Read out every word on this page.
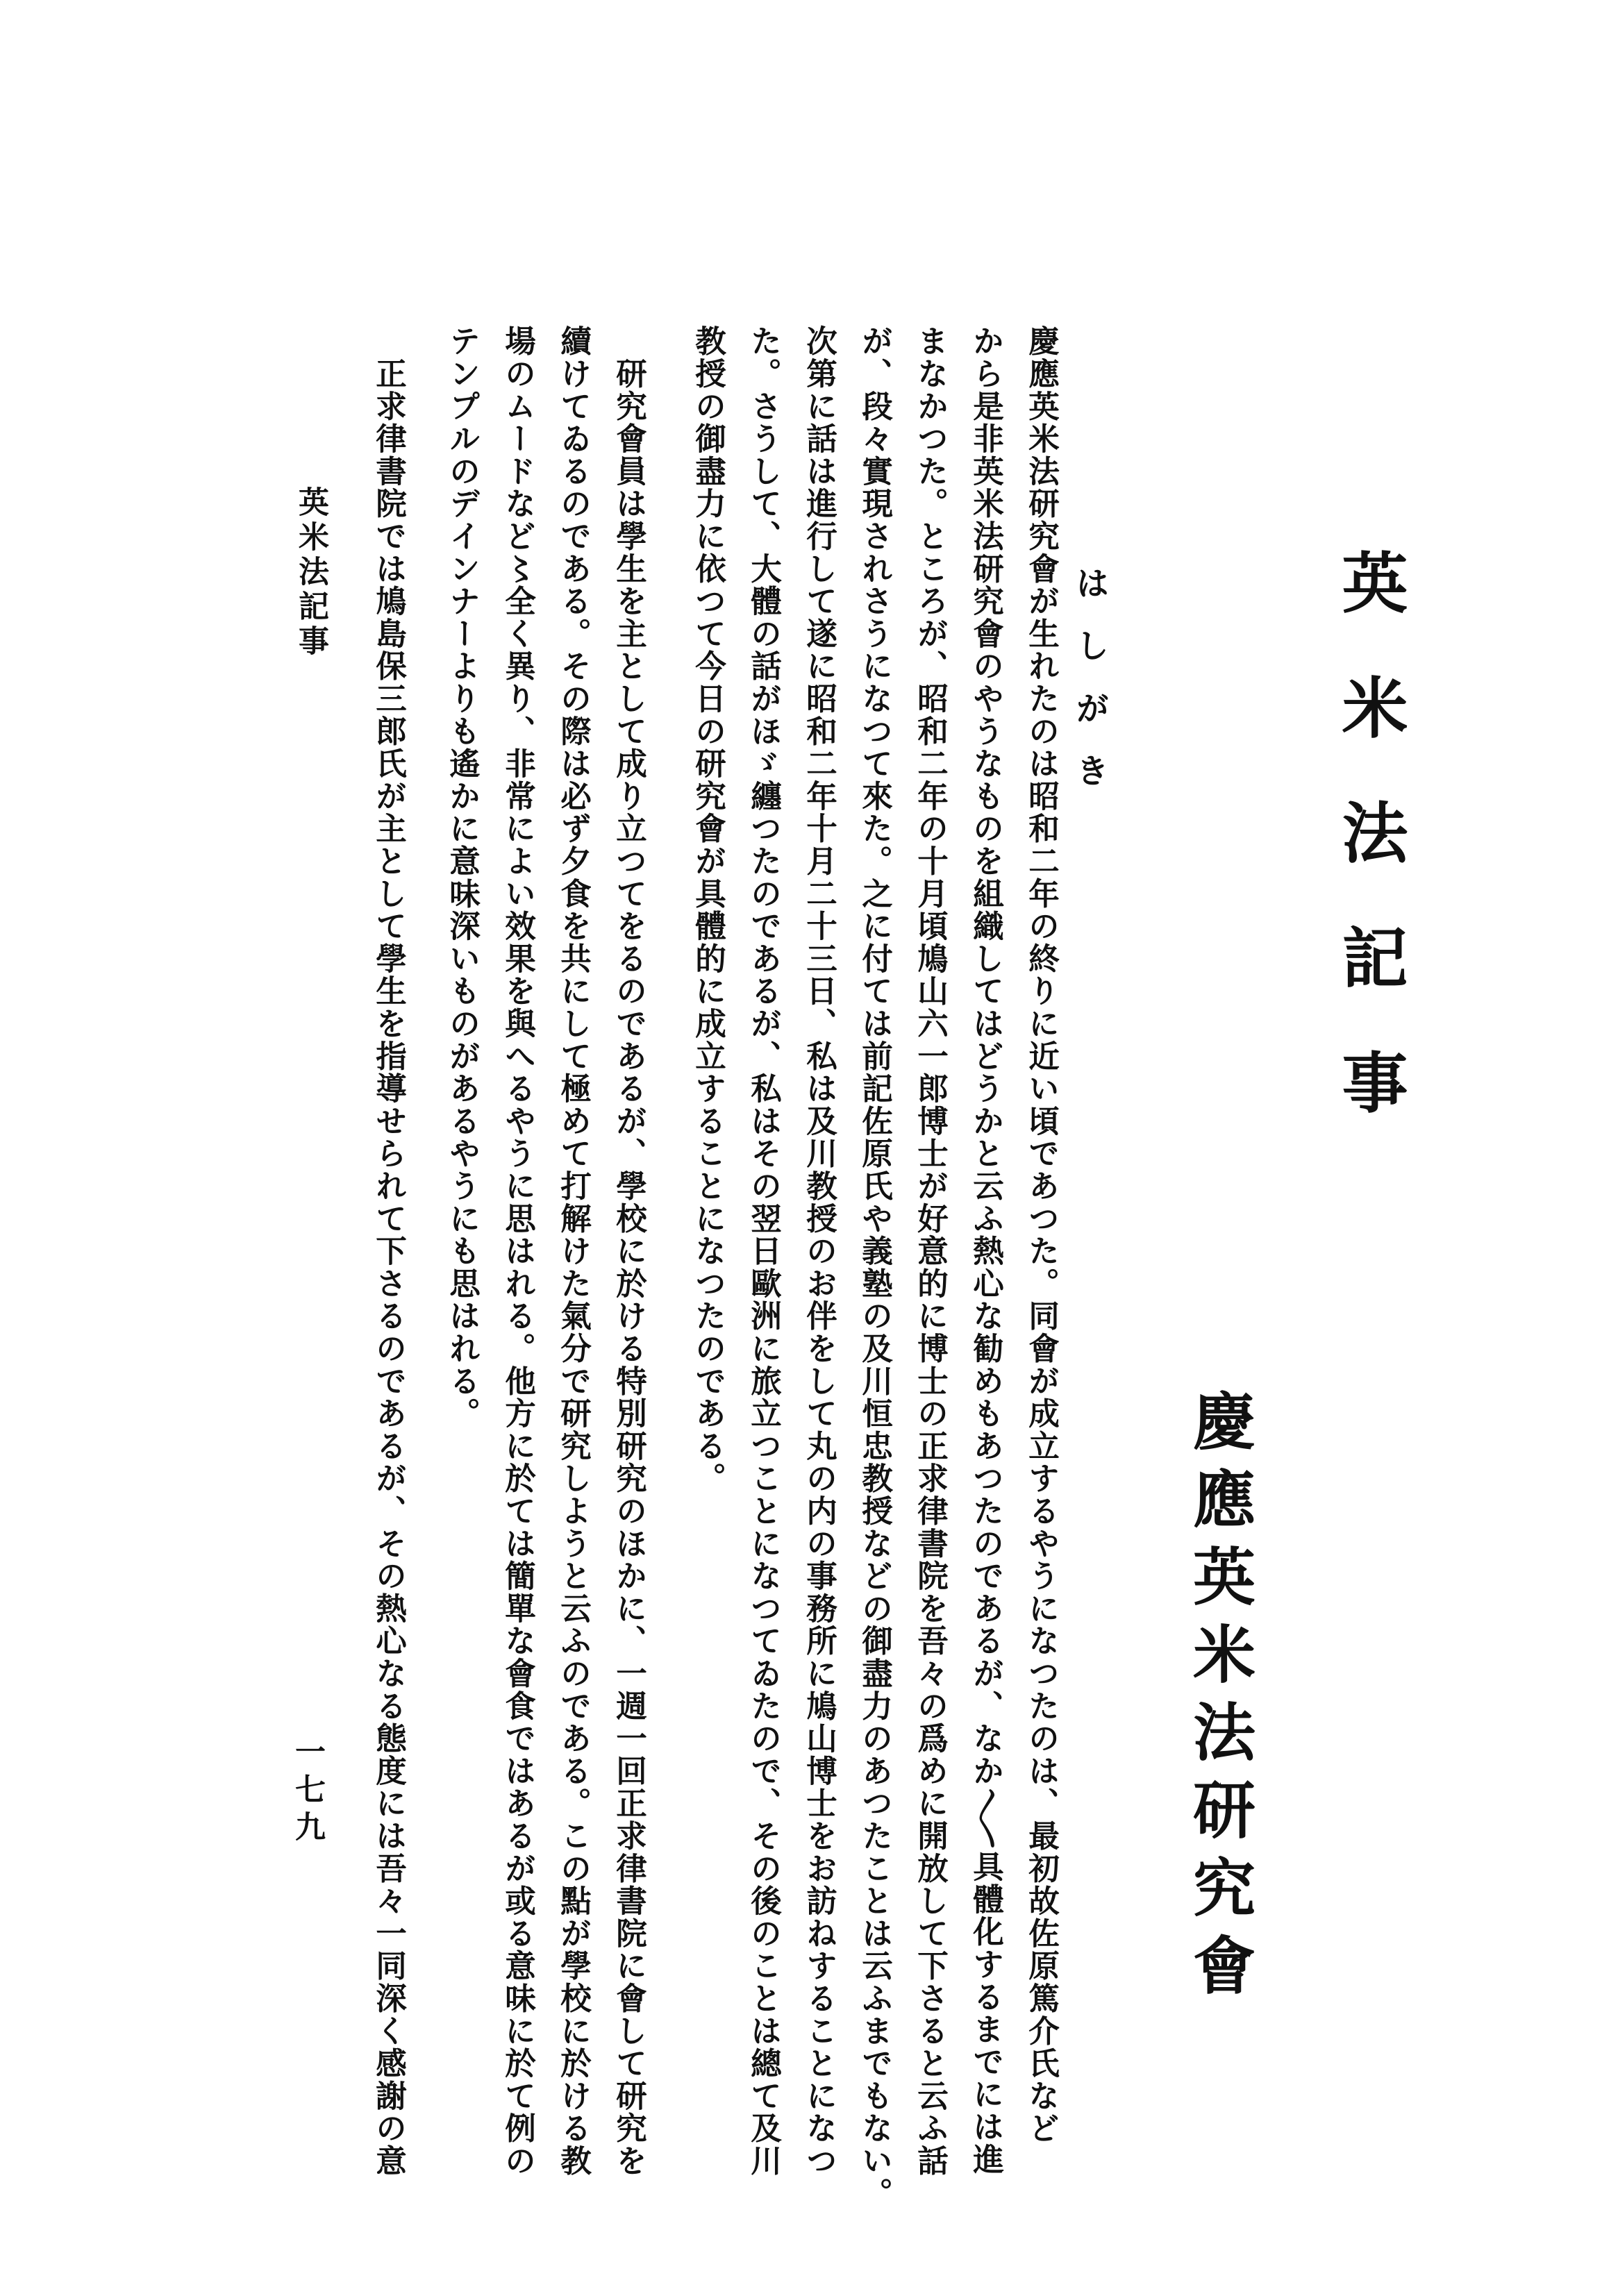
英米法記事
慶應英米法研究會
はしがき
慶應英米法研究會が生れたのは昭和二年の終りに近い頃であつた。同會が成立するやうになつたのは、最初故佐原篤介氏など
から是非英米法研究會のやうなものを組織してはどうかと云ふ熱心な勧めもあつたのであるが、なか〱具體化するまでには進
まなかつた。ところが、昭和二年の十月頃鳩山六一郎博士が好意的に博士の正求律書院を吾々の爲めに開放して下さると云ふ話
が、段々實現されさうになつて來た。之に付ては前記佐原氏や義塾の及川恒忠教授などの御盡力のあつたことは云ふまでもない。
次第に話は進行して遂に昭和二年十月二十三日、私は及川教授のお伴をして丸の内の事務所に鳩山博士をお訪ねすることになつ
た。さうして、大體の話がほゞ纏つたのであるが、私はその翌日歐洲に旅立つことになつてゐたので、その後のことは總て及川
教授の御盡力に依つて今日の研究會が具體的に成立することになつたのである。
　研究會員は學生を主として成り立つてをるのであるが、學校に於ける特別研究のほかに、一週一回正求律書院に會して研究を
續けてゐるのである。その際は必ず夕食を共にして極めて打解けた氣分で研究しようと云ふのである。この點が學校に於ける教
場のムードなど〻全く異り、非常によい效果を與へるやうに思はれる。他方に於ては簡單な會食ではあるが或る意味に於て例の
テンプルのデインナーよりも遙かに意味深いものがあるやうにも思はれる。
　正求律書院では鳩島保三郎氏が主として學生を指導せられて下さるのであるが、その熱心なる態度には吾々一同深く感謝の意
英米法記事
一七九
